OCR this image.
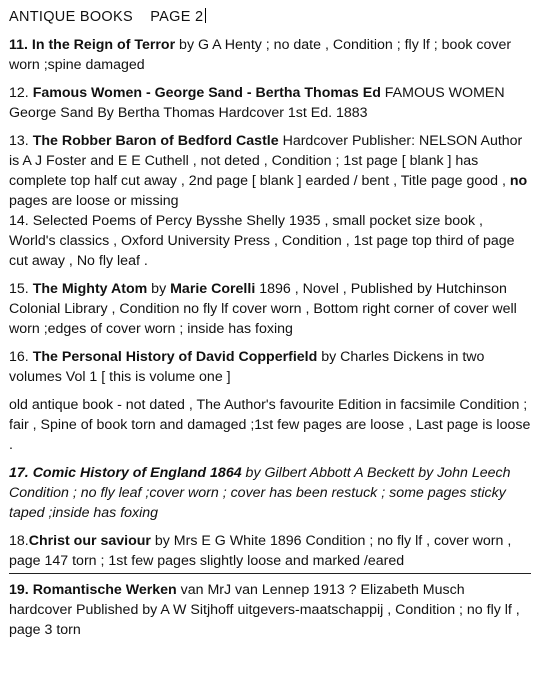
ANTIQUE BOOKS PAGE 2
11. In the Reign of Terror by G A Henty ; no date , Condition ; fly lf ; book cover worn ;spine damaged
12. Famous Women - George Sand - Bertha Thomas Ed FAMOUS WOMEN George Sand By Bertha Thomas Hardcover 1st Ed. 1883
13. The Robber Baron of Bedford Castle Hardcover Publisher: NELSON Author is A J Foster and E E Cuthell , not deted , Condition ; 1st page [ blank ] has complete top half cut away , 2nd page [ blank ] earded / bent , Title page good , no pages are loose or missing
14. Selected Poems of Percy Bysshe Shelly 1935 , small pocket size book , World's classics , Oxford University Press , Condition , 1st page top third of page cut away , No fly leaf .
15. The Mighty Atom by Marie Corelli 1896 , Novel , Published by Hutchinson Colonial Library , Condition no fly lf cover worn , Bottom right corner of cover well worn ;edges of cover worn ; inside has foxing
16. The Personal History of David Copperfield by Charles Dickens in two volumes Vol 1 [ this is volume one ]
old antique book - not dated , The Author's favourite Edition in facsimile Condition ; fair , Spine of book torn and damaged ;1st few pages are loose , Last page is loose .
17. Comic History of England 1864 by Gilbert Abbott A Beckett by John Leech Condition ; no fly leaf ;cover worn ; cover has been restuck ; some pages sticky taped ;inside has foxing
18.Christ our saviour by Mrs E G White 1896 Condition ; no fly lf , cover worn , page 147 torn ; 1st few pages slightly loose and marked /eared
19. Romantische Werken van MrJ van Lennep 1913 ? Elizabeth Musch hardcover Published by A W Sitjhoff uitgevers-maatschappij , Condition ; no fly lf , page 3 torn
